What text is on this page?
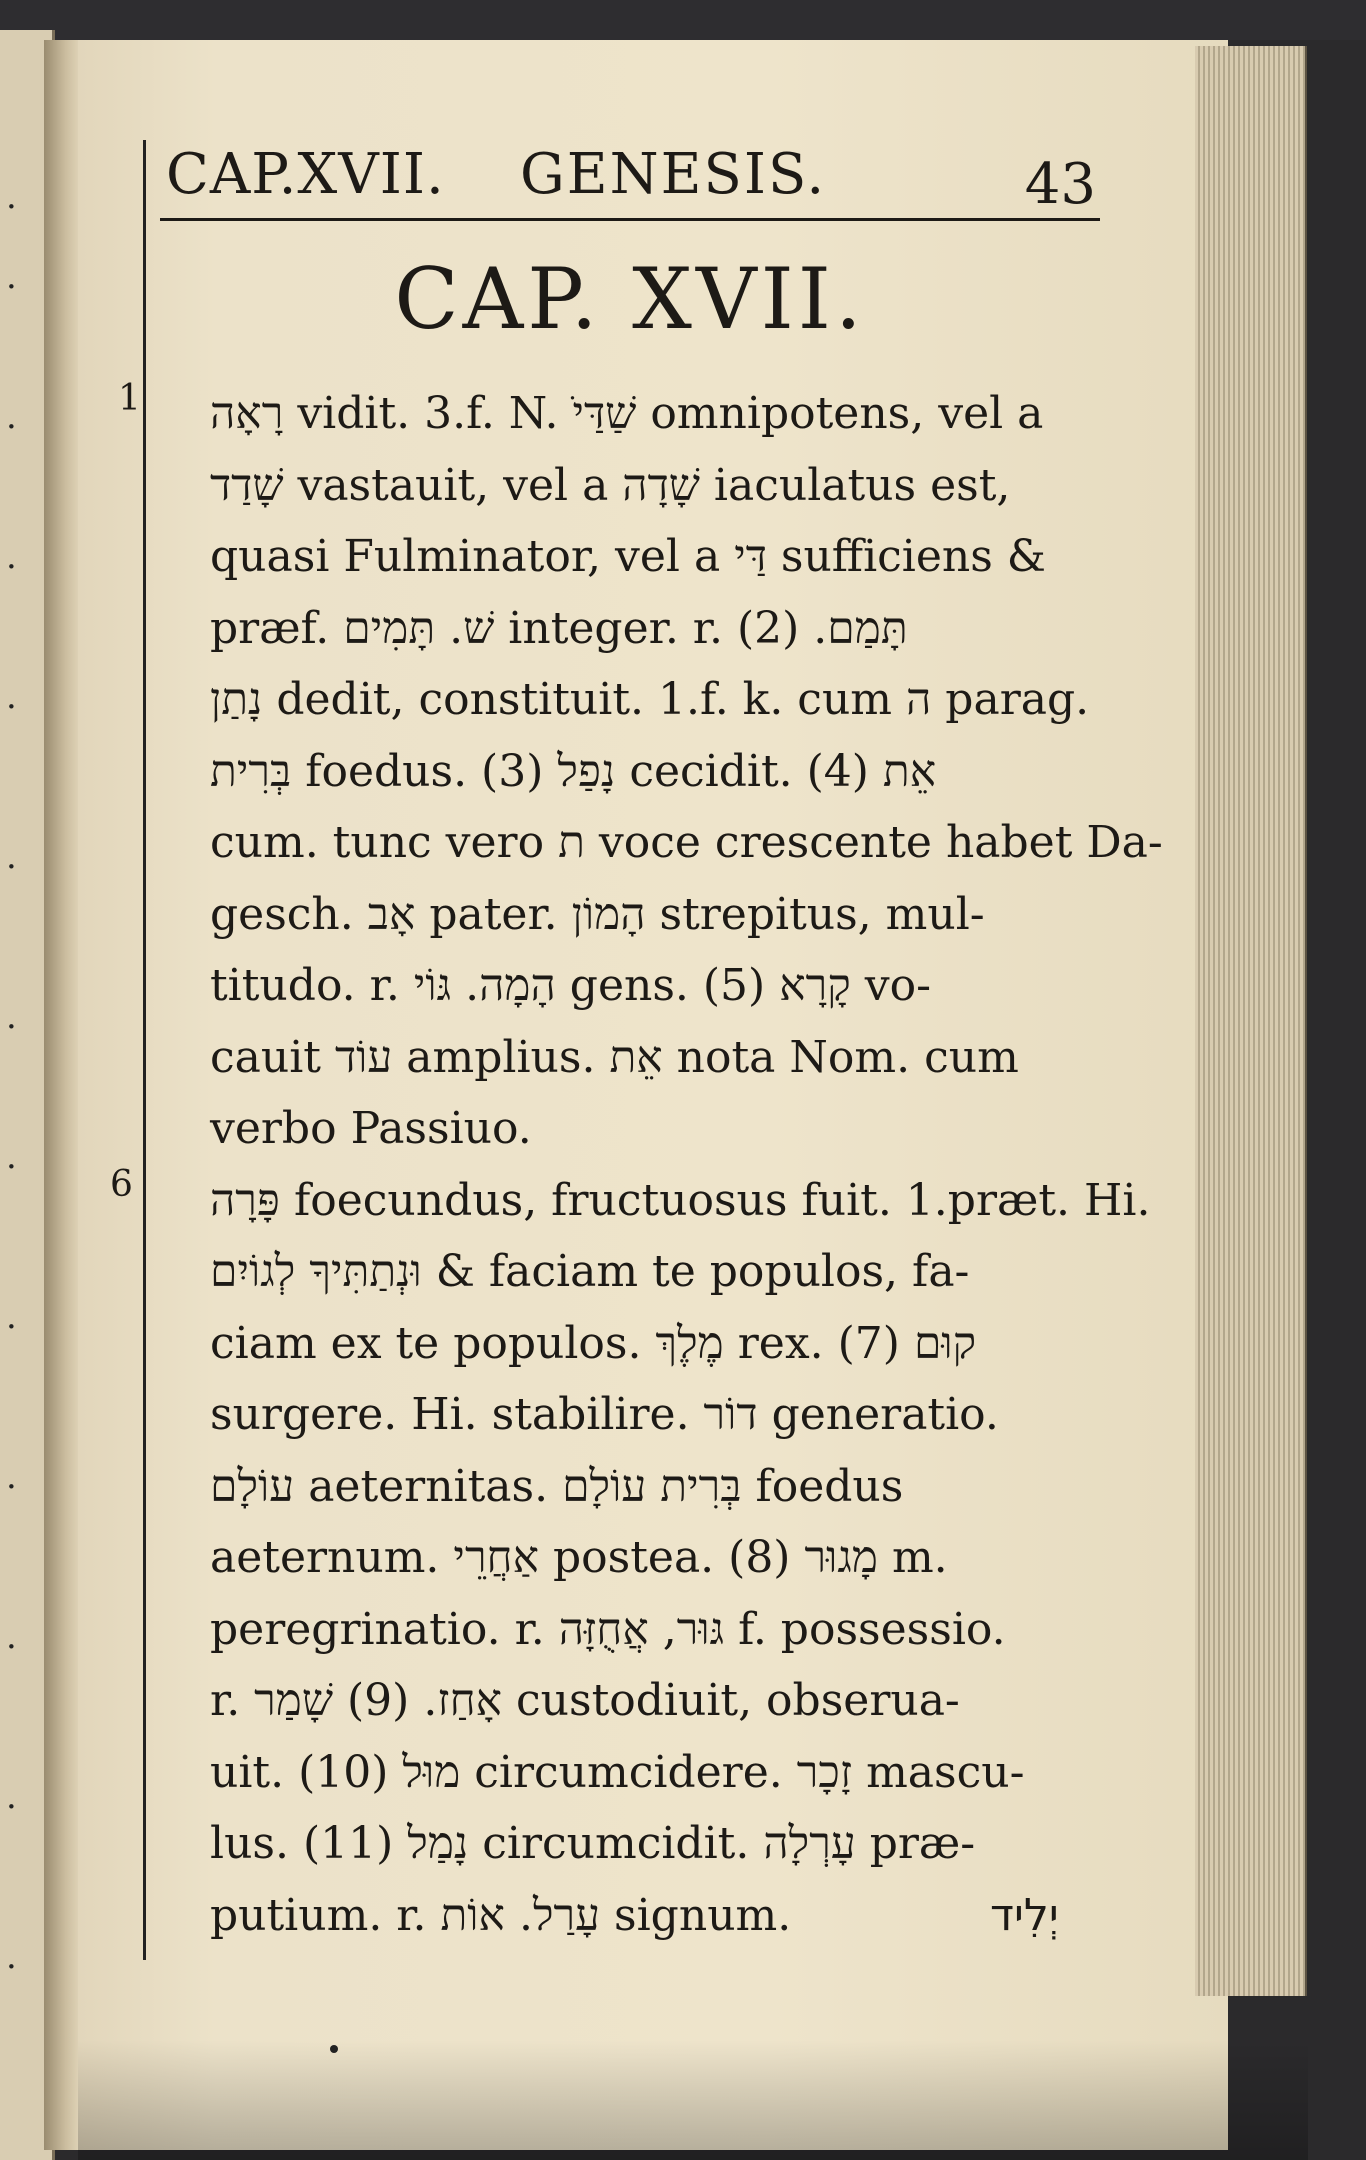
·
·
·
·
·
·
·
·
·
·
·
·
·
CAP.XVII. GENESIS.	43
CAP. XVII.
1
6
רָאָה vidit. 3.f. N. ׁשַׁדַּי omnipotens, vel a
שָׁדַד vastauit, vel a שָׁדָה iaculatus est,
quasi Fulminator, vel a דַּי sufficiens &
præf. שׁ. תָּמִים integer. r. תָּמַם. (2)
נָתַן dedit, constituit. 1.f. k. cum ה parag.
בְּרִית foedus. (3) נָפַל cecidit. (4) אֵת
cum. tunc vero ת voce crescente habet Da-
gesch. אָב pater. הָמוֹן strepitus, mul-
titudo. r. הָמָה. גּוֹי gens. (5) קָרָא vo-
cauit עוֹד amplius. אֵת nota Nom. cum
verbo Passiuo.
פָּרָה foecundus, fructuosus fuit. 1.præt. Hi.
וּנְתַתִּיךָ לְגוֹיִם & faciam te populos, fa-
ciam ex te populos. מֶלֶךְ rex. (7) קוּם
surgere. Hi. stabilire. דוֹר generatio.
עוֹלָם aeternitas. בְּרִית עוֹלָם foedus
aeternum. אַחֲרֵי postea. (8) מָגוּר m.
peregrinatio. r. גּוּר, אֲחֻזָּה f. possessio.
r. אָחַז. (9) שָׁמַר custodiuit, obserua-
uit. (10) מוּל circumcidere. זָכָר mascu-
lus. (11) נָמַל circumcidit. עָרְלָה præ-
putium. r. עָרַל. אוֹת signum.	יְלִיד
